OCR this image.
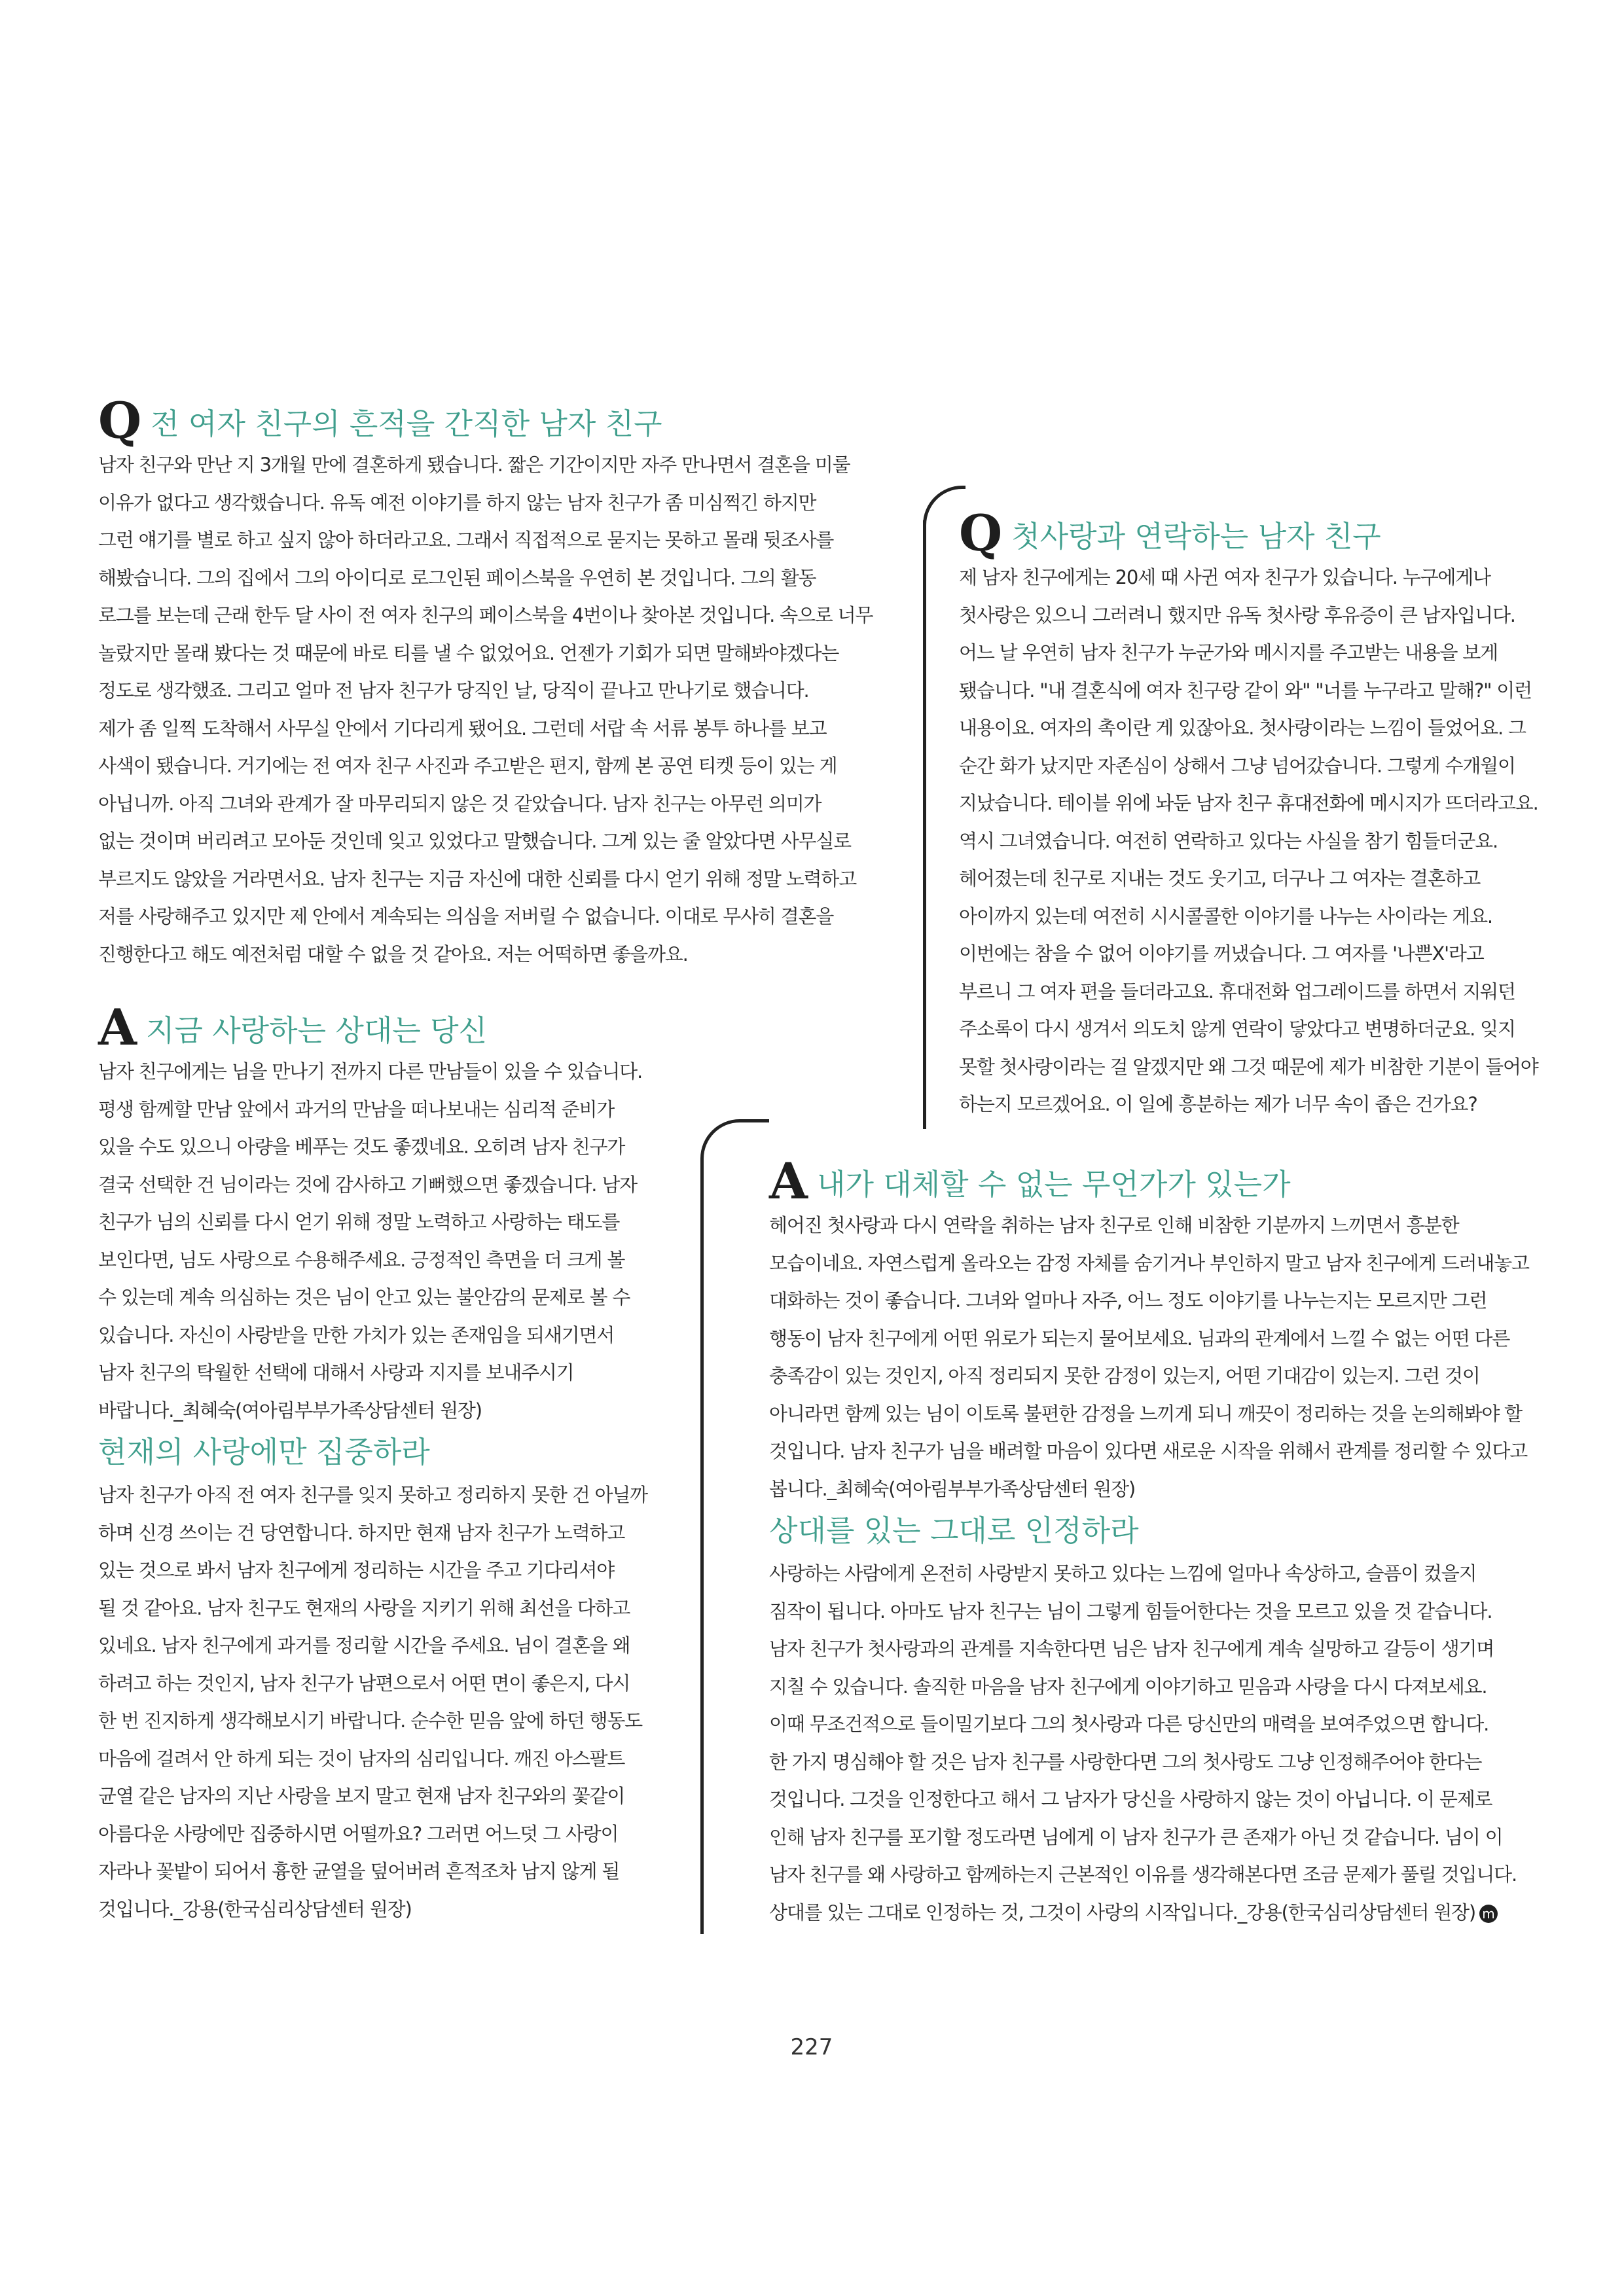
Q 전 여자 친구의 흔적을 간직한 남자 친구
남자 친구와 만난 지 3개월 만에 결혼하게 됐습니다. 짧은 기간이지만 자주 만나면서 결혼을 미룰
이유가 없다고 생각했습니다. 유독 예전 이야기를 하지 않는 남자 친구가 좀 미심쩍긴 하지만
그런 얘기를 별로 하고 싶지 않아 하더라고요. 그래서 직접적으로 묻지는 못하고 몰래 뒷조사를
해봤습니다. 그의 집에서 그의 아이디로 로그인된 페이스북을 우연히 본 것입니다. 그의 활동
로그를 보는데 근래 한두 달 사이 전 여자 친구의 페이스북을 4번이나 찾아본 것입니다. 속으로 너무
놀랐지만 몰래 봤다는 것 때문에 바로 티를 낼 수 없었어요. 언젠가 기회가 되면 말해봐야겠다는
정도로 생각했죠. 그리고 얼마 전 남자 친구가 당직인 날, 당직이 끝나고 만나기로 했습니다.
제가 좀 일찍 도착해서 사무실 안에서 기다리게 됐어요. 그런데 서랍 속 서류 봉투 하나를 보고
사색이 됐습니다. 거기에는 전 여자 친구 사진과 주고받은 편지, 함께 본 공연 티켓 등이 있는 게
아닙니까. 아직 그녀와 관계가 잘 마무리되지 않은 것 같았습니다. 남자 친구는 아무런 의미가
없는 것이며 버리려고 모아둔 것인데 잊고 있었다고 말했습니다. 그게 있는 줄 알았다면 사무실로
부르지도 않았을 거라면서요. 남자 친구는 지금 자신에 대한 신뢰를 다시 얻기 위해 정말 노력하고
저를 사랑해주고 있지만 제 안에서 계속되는 의심을 저버릴 수 없습니다. 이대로 무사히 결혼을
진행한다고 해도 예전처럼 대할 수 없을 것 같아요. 저는 어떡하면 좋을까요.
A 지금 사랑하는 상대는 당신
남자 친구에게는 님을 만나기 전까지 다른 만남들이 있을 수 있습니다.
평생 함께할 만남 앞에서 과거의 만남을 떠나보내는 심리적 준비가
있을 수도 있으니 아량을 베푸는 것도 좋겠네요. 오히려 남자 친구가
결국 선택한 건 님이라는 것에 감사하고 기뻐했으면 좋겠습니다. 남자
친구가 님의 신뢰를 다시 얻기 위해 정말 노력하고 사랑하는 태도를
보인다면, 님도 사랑으로 수용해주세요. 긍정적인 측면을 더 크게 볼
수 있는데 계속 의심하는 것은 님이 안고 있는 불안감의 문제로 볼 수
있습니다. 자신이 사랑받을 만한 가치가 있는 존재임을 되새기면서
남자 친구의 탁월한 선택에 대해서 사랑과 지지를 보내주시기
바랍니다._최혜숙(여아림부부가족상담센터 원장)
현재의 사랑에만 집중하라
남자 친구가 아직 전 여자 친구를 잊지 못하고 정리하지 못한 건 아닐까
하며 신경 쓰이는 건 당연합니다. 하지만 현재 남자 친구가 노력하고
있는 것으로 봐서 남자 친구에게 정리하는 시간을 주고 기다리셔야
될 것 같아요. 남자 친구도 현재의 사랑을 지키기 위해 최선을 다하고
있네요. 남자 친구에게 과거를 정리할 시간을 주세요. 님이 결혼을 왜
하려고 하는 것인지, 남자 친구가 남편으로서 어떤 면이 좋은지, 다시
한 번 진지하게 생각해보시기 바랍니다. 순수한 믿음 앞에 하던 행동도
마음에 걸려서 안 하게 되는 것이 남자의 심리입니다. 깨진 아스팔트
균열 같은 남자의 지난 사랑을 보지 말고 현재 남자 친구와의 꽃같이
아름다운 사랑에만 집중하시면 어떨까요? 그러면 어느덧 그 사랑이
자라나 꽃밭이 되어서 흉한 균열을 덮어버려 흔적조차 남지 않게 될
것입니다._강용(한국심리상담센터 원장)
Q 첫사랑과 연락하는 남자 친구
제 남자 친구에게는 20세 때 사귄 여자 친구가 있습니다. 누구에게나
첫사랑은 있으니 그러려니 했지만 유독 첫사랑 후유증이 큰 남자입니다.
어느 날 우연히 남자 친구가 누군가와 메시지를 주고받는 내용을 보게
됐습니다. "내 결혼식에 여자 친구랑 같이 와" "너를 누구라고 말해?" 이런
내용이요. 여자의 촉이란 게 있잖아요. 첫사랑이라는 느낌이 들었어요. 그
순간 화가 났지만 자존심이 상해서 그냥 넘어갔습니다. 그렇게 수개월이
지났습니다. 테이블 위에 놔둔 남자 친구 휴대전화에 메시지가 뜨더라고요.
역시 그녀였습니다. 여전히 연락하고 있다는 사실을 참기 힘들더군요.
헤어졌는데 친구로 지내는 것도 웃기고, 더구나 그 여자는 결혼하고
아이까지 있는데 여전히 시시콜콜한 이야기를 나누는 사이라는 게요.
이번에는 참을 수 없어 이야기를 꺼냈습니다. 그 여자를 '나쁜X'라고
부르니 그 여자 편을 들더라고요. 휴대전화 업그레이드를 하면서 지워던
주소록이 다시 생겨서 의도치 않게 연락이 닿았다고 변명하더군요. 잊지
못할 첫사랑이라는 걸 알겠지만 왜 그것 때문에 제가 비참한 기분이 들어야
하는지 모르겠어요. 이 일에 흥분하는 제가 너무 속이 좁은 건가요?
A 내가 대체할 수 없는 무언가가 있는가
헤어진 첫사랑과 다시 연락을 취하는 남자 친구로 인해 비참한 기분까지 느끼면서 흥분한
모습이네요. 자연스럽게 올라오는 감정 자체를 숨기거나 부인하지 말고 남자 친구에게 드러내놓고
대화하는 것이 좋습니다. 그녀와 얼마나 자주, 어느 정도 이야기를 나누는지는 모르지만 그런
행동이 남자 친구에게 어떤 위로가 되는지 물어보세요. 님과의 관계에서 느낄 수 없는 어떤 다른
충족감이 있는 것인지, 아직 정리되지 못한 감정이 있는지, 어떤 기대감이 있는지. 그런 것이
아니라면 함께 있는 님이 이토록 불편한 감정을 느끼게 되니 깨끗이 정리하는 것을 논의해봐야 할
것입니다. 남자 친구가 님을 배려할 마음이 있다면 새로운 시작을 위해서 관계를 정리할 수 있다고
봅니다._최혜숙(여아림부부가족상담센터 원장)
상대를 있는 그대로 인정하라
사랑하는 사람에게 온전히 사랑받지 못하고 있다는 느낌에 얼마나 속상하고, 슬픔이 컸을지
짐작이 됩니다. 아마도 남자 친구는 님이 그렇게 힘들어한다는 것을 모르고 있을 것 같습니다.
남자 친구가 첫사랑과의 관계를 지속한다면 님은 남자 친구에게 계속 실망하고 갈등이 생기며
지칠 수 있습니다. 솔직한 마음을 남자 친구에게 이야기하고 믿음과 사랑을 다시 다져보세요.
이때 무조건적으로 들이밀기보다 그의 첫사랑과 다른 당신만의 매력을 보여주었으면 합니다.
한 가지 명심해야 할 것은 남자 친구를 사랑한다면 그의 첫사랑도 그냥 인정해주어야 한다는
것입니다. 그것을 인정한다고 해서 그 남자가 당신을 사랑하지 않는 것이 아닙니다. 이 문제로
인해 남자 친구를 포기할 정도라면 님에게 이 남자 친구가 큰 존재가 아닌 것 같습니다. 님이 이
남자 친구를 왜 사랑하고 함께하는지 근본적인 이유를 생각해본다면 조금 문제가 풀릴 것입니다.
상대를 있는 그대로 인정하는 것, 그것이 사랑의 시작입니다._강용(한국심리상담센터 원장) m
227
